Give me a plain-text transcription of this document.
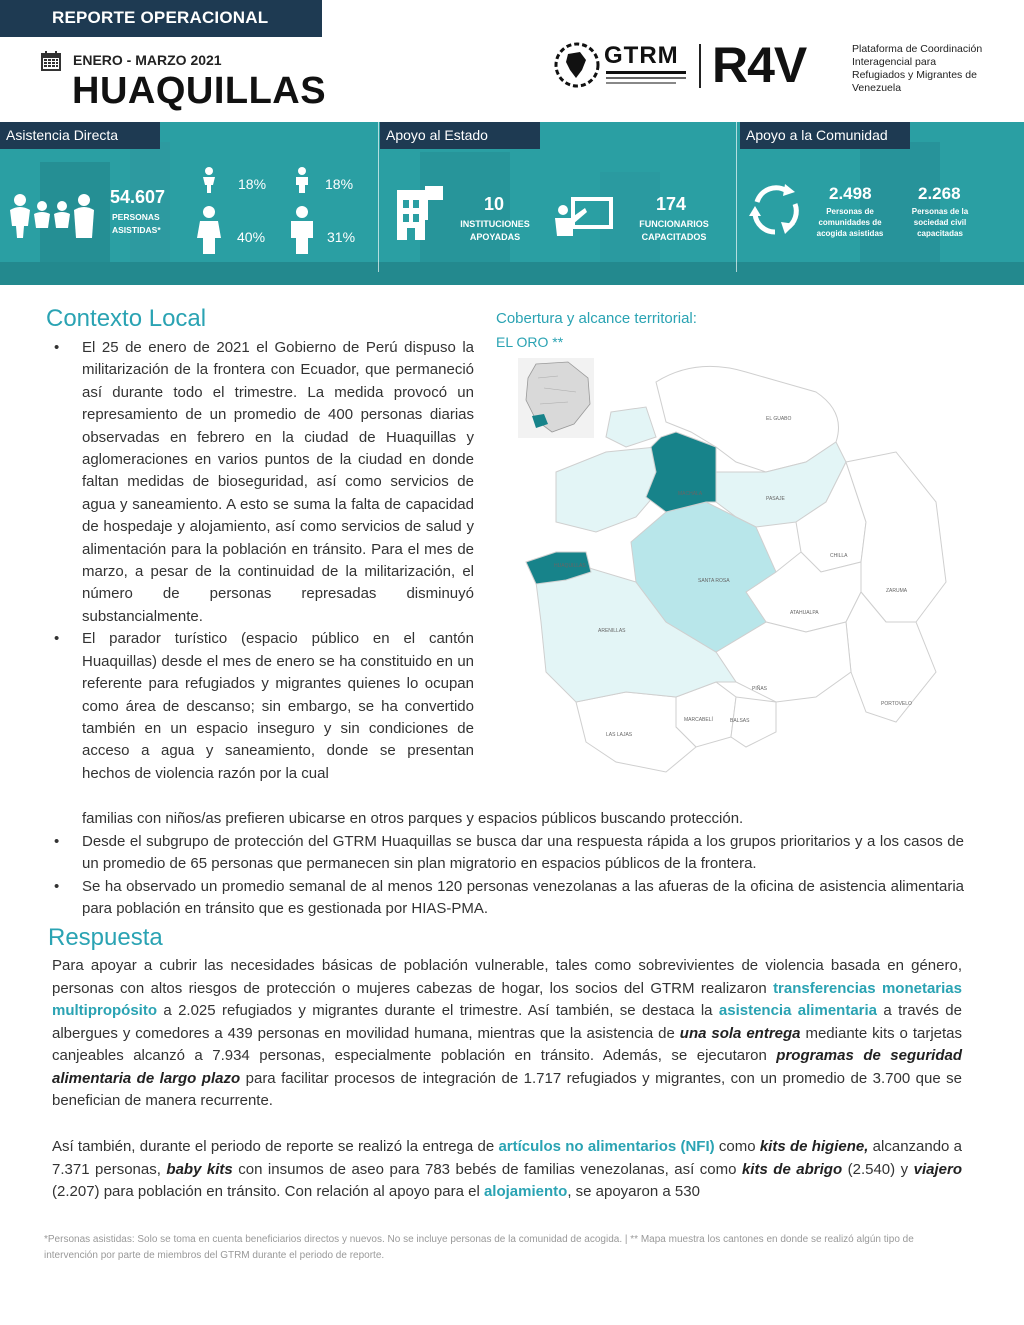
REPORTE OPERACIONAL
ENERO - MARZO 2021
HUAQUILLAS
GTRM R4V	Plataforma de Coordinación Interagencial para Refugiados y Migrantes de Venezuela
Asistencia Directa
54.607
PERSONAS ASISTIDAS*
18%	18%
40%	31%
Apoyo al Estado
10
INSTITUCIONES APOYADAS
174
FUNCIONARIOS CAPACITADOS
Apoyo a la Comunidad
2.498
Personas de comunidades de acogida asistidas
2.268
Personas de la sociedad civil capacitadas
Contexto Local
• El 25 de enero de 2021 el Gobierno de Perú dispuso la militarización de la frontera con Ecuador, que permaneció así durante todo el trimestre. La medida provocó un represamiento de un promedio de 400 personas diarias observadas en febrero en la ciudad de Huaquillas y aglomeraciones en varios puntos de la ciudad en donde faltan medidas de bioseguridad, así como servicios de agua y saneamiento. A esto se suma la falta de capacidad de hospedaje y alojamiento, así como servicios de salud y alimentación para la población en tránsito. Para el mes de marzo, a pesar de la continuidad de la militarización, el número de personas represadas disminuyó substancialmente.
• El parador turístico (espacio público en el cantón Huaquillas) desde el mes de enero se ha constituido en un referente para refugiados y migrantes quienes lo ocupan como área de descanso; sin embargo, se ha convertido también en un espacio inseguro y sin condiciones de acceso a agua y saneamiento, donde se presentan hechos de violencia razón por la cual
familias con niños/as prefieren ubicarse en otros parques y espacios públicos buscando protección.
• Desde el subgrupo de protección del GTRM Huaquillas se busca dar una respuesta rápida a los grupos prioritarios y a los casos de un promedio de 65 personas que permanecen sin plan migratorio en espacios públicos de la frontera.
• Se ha observado un promedio semanal de al menos 120 personas venezolanas a las afueras de la oficina de asistencia alimentaria para población en tránsito que es gestionada por HIAS-PMA.
Cobertura y alcance territorial:
EL ORO **
EL GUABO
MACHALA
PASAJE
HUAQUILLAS
SANTA ROSA
CHILLA
ZARUMA
ATAHUALPA
ARENILLAS
PIÑAS
PORTOVELO
MARCABELÍ	BALSAS
LAS LAJAS
Respuesta
Para apoyar a cubrir las necesidades básicas de población vulnerable, tales como sobrevivientes de violencia basada en género, personas con altos riesgos de protección o mujeres cabezas de hogar, los socios del GTRM realizaron transferencias monetarias multipropósito a 2.025 refugiados y migrantes durante el trimestre. Así también, se destaca la asistencia alimentaria a través de albergues y comedores a 439 personas en movilidad humana, mientras que la asistencia de una sola entrega mediante kits o tarjetas canjeables alcanzó a 7.934 personas, especialmente población en tránsito. Además, se ejecutaron programas de seguridad alimentaria de largo plazo para facilitar procesos de integración de 1.717 refugiados y migrantes, con un promedio de 3.700 que se benefician de manera recurrente.
Así también, durante el periodo de reporte se realizó la entrega de artículos no alimentarios (NFI) como kits de higiene, alcanzando a 7.371 personas, baby kits con insumos de aseo para 783 bebés de familias venezolanas, así como kits de abrigo (2.540) y viajero (2.207) para población en tránsito. Con relación al apoyo para el alojamiento, se apoyaron a 530
*Personas asistidas: Solo se toma en cuenta beneficiarios directos y nuevos. No se incluye personas de la comunidad de acogida. | ** Mapa muestra los cantones en donde se realizó algún tipo de intervención por parte de miembros del GTRM durante el periodo de reporte.
